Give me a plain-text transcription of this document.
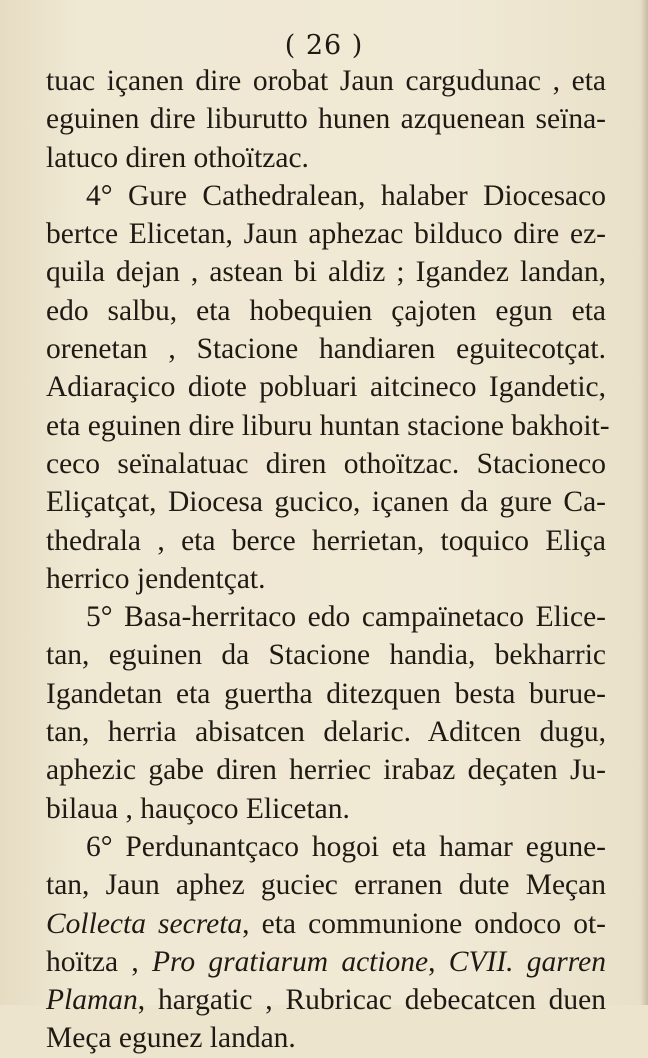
( 26 )
tuac içanen dire orobat Jaun cargudunac , eta
eguinen dire liburutto hunen azquenean seïna-
latuco diren othoïtzac.
4° Gure Cathedralean, halaber Diocesaco
bertce Elicetan, Jaun aphezac bilduco dire ez-
quila dejan , astean bi aldiz ; Igandez landan,
edo salbu, eta hobequien çajoten egun eta
orenetan , Stacione handiaren eguitecotçat.
Adiaraçico diote pobluari aitcineco Igandetic,
eta eguinen dire liburu huntan stacione bakhoit-
ceco seïnalatuac diren othoïtzac. Stacioneco
Eliçatçat, Diocesa gucico, içanen da gure Ca-
thedrala , eta berce herrietan, toquico Eliça
herrico jendentçat.
5° Basa-herritaco edo campaïnetaco Elice-
tan, eguinen da Stacione handia, bekharric
Igandetan eta guertha ditezquen besta burue-
tan, herria abisatcen delaric. Aditcen dugu,
aphezic gabe diren herriec irabaz deçaten Ju-
bilaua , hauçoco Elicetan.
6° Perdunantçaco hogoi eta hamar egune-
tan, Jaun aphez guciec erranen dute Meçan
Collecta secreta, eta communione ondoco ot-
hoïtza , Pro gratiarum actione, CVII. garren
Plaman, hargatic , Rubricac debecatcen duen
Meça egunez landan.
